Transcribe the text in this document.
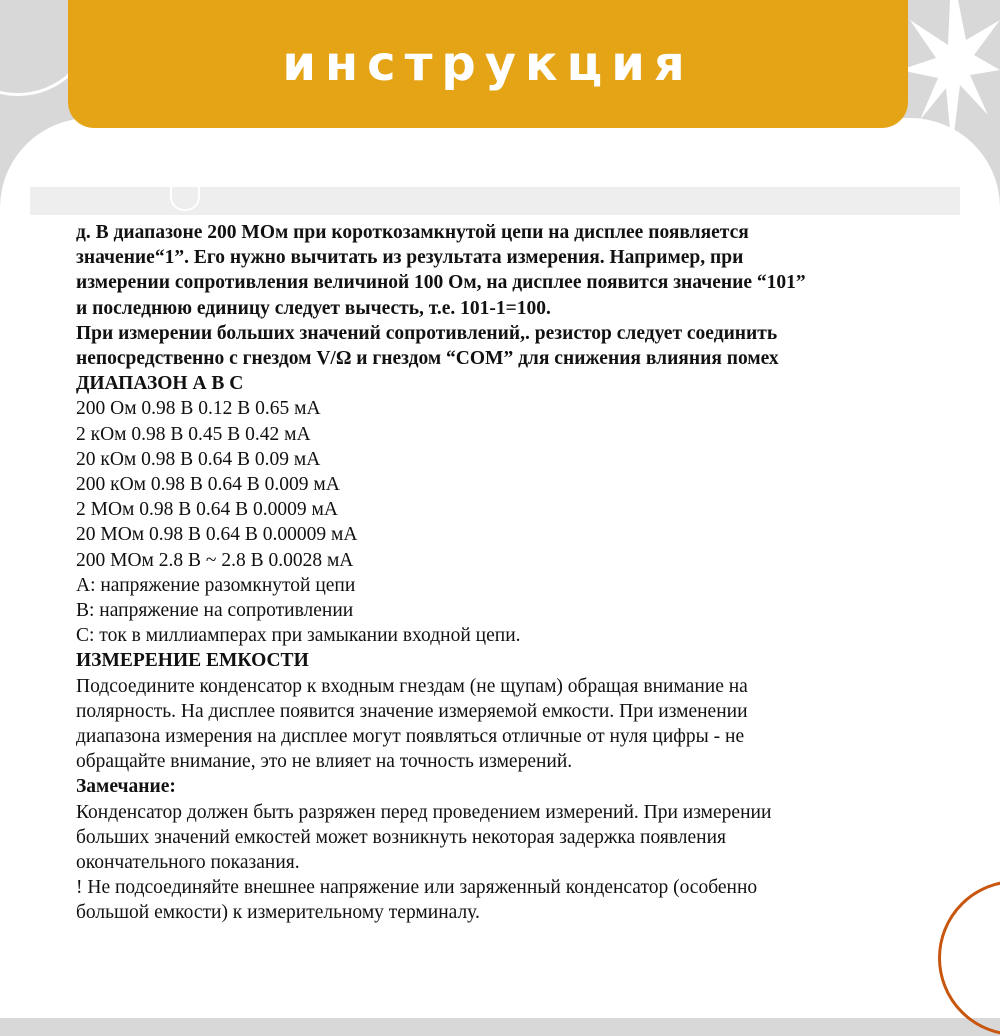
инструкция
д. В диапазоне 200 МОм при короткозамкнутой цепи на дисплее появляется
значение“1”. Его нужно вычитать из результата измерения. Например, при
измерении сопротивления величиной 100 Ом, на дисплее появится значение “101”
и последнюю единицу следует вычесть, т.е. 101-1=100.
При измерении больших значений сопротивлений,. резистор следует соединить
непосредственно с гнездом V/Ω и гнездом “COM” для снижения влияния помех
ДИАПАЗОН А В С
200 Ом 0.98 В 0.12 В 0.65 мА
2 кОм 0.98 В 0.45 В 0.42 мА
20 кОм 0.98 В 0.64 В 0.09 мА
200 кОм 0.98 В 0.64 В 0.009 мА
2 МОм 0.98 В 0.64 В 0.0009 мА
20 МОм 0.98 В 0.64 В 0.00009 мА
200 МОм 2.8 В ~ 2.8 В 0.0028 мА
А: напряжение разомкнутой цепи
В: напряжение на сопротивлении
С: ток в миллиамперах при замыкании входной цепи.
ИЗМЕРЕНИЕ ЕМКОСТИ
Подсоедините конденсатор к входным гнездам (не щупам) обращая внимание на
полярность. На дисплее появится значение измеряемой емкости. При изменении
диапазона измерения на дисплее могут появляться отличные от нуля цифры - не
обращайте внимание, это не влияет на точность измерений.
Замечание:
Конденсатор должен быть разряжен перед проведением измерений. При измерении
больших значений емкостей может возникнуть некоторая задержка появления
окончательного показания.
! Не подсоединяйте внешнее напряжение или заряженный конденсатор (особенно
большой емкости) к измерительному терминалу.
